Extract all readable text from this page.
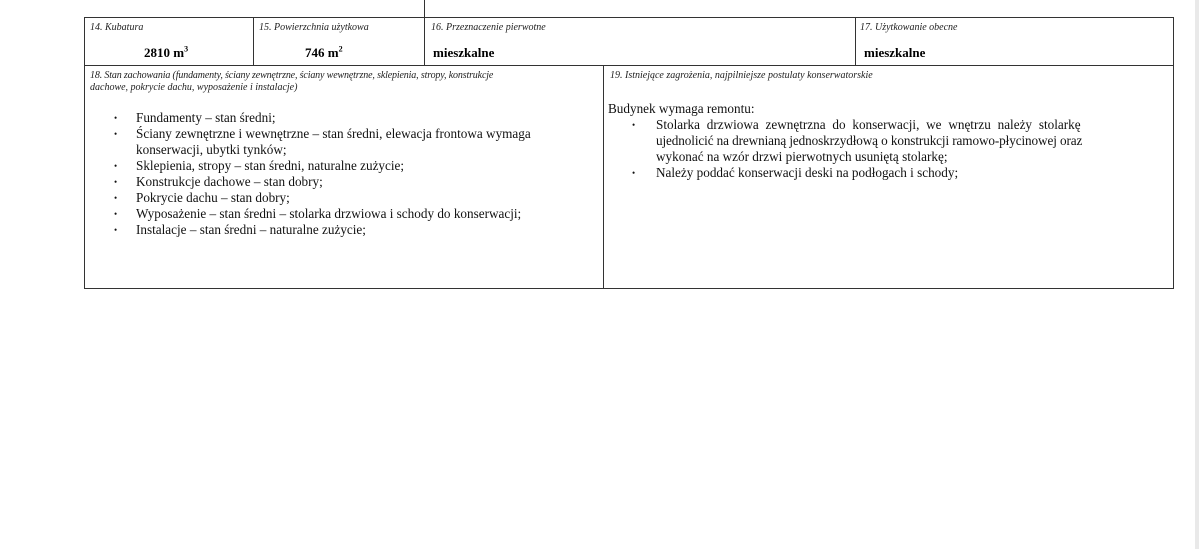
14. Kubatura
2810 $m^3$
15. Powierzchnia użytkowa
746 $m^2$
16. Przeznaczenie pierwotne
mieszkalne
17. Użytkowanie obecne
mieszkalne
18. Stan zachowania (fundamenty, ściany zewnętrzne, ściany wewnętrzne, sklepienia, stropy, konstrukcje
dachowe, pokrycie dachu, wyposażenie i instalacje)
• Fundamenty – stan średni;
• Ściany zewnętrzne i wewnętrzne – stan średni, elewacja frontowa wymaga
konserwacji, ubytki tynków;
• Sklepienia, stropy – stan średni, naturalne zużycie;
• Konstrukcje dachowe – stan dobry;
• Pokrycie dachu – stan dobry;
• Wyposażenie – stan średni – stolarka drzwiowa i schody do konserwacji;
• Instalacje – stan średni – naturalne zużycie;
19. Istniejące zagrożenia, najpilniejsze postulaty konserwatorskie
Budynek wymaga remontu:
• Stolarka drzwiowa zewnętrzna do konserwacji, we wnętrzu należy stolarkę
ujednolicić na drewnianą jednoskrzydłową o konstrukcji ramowo-płycinowej oraz
wykonać na wzór drzwi pierwotnych usuniętą stolarkę;
• Należy poddać konserwacji deski na podłogach i schody;
